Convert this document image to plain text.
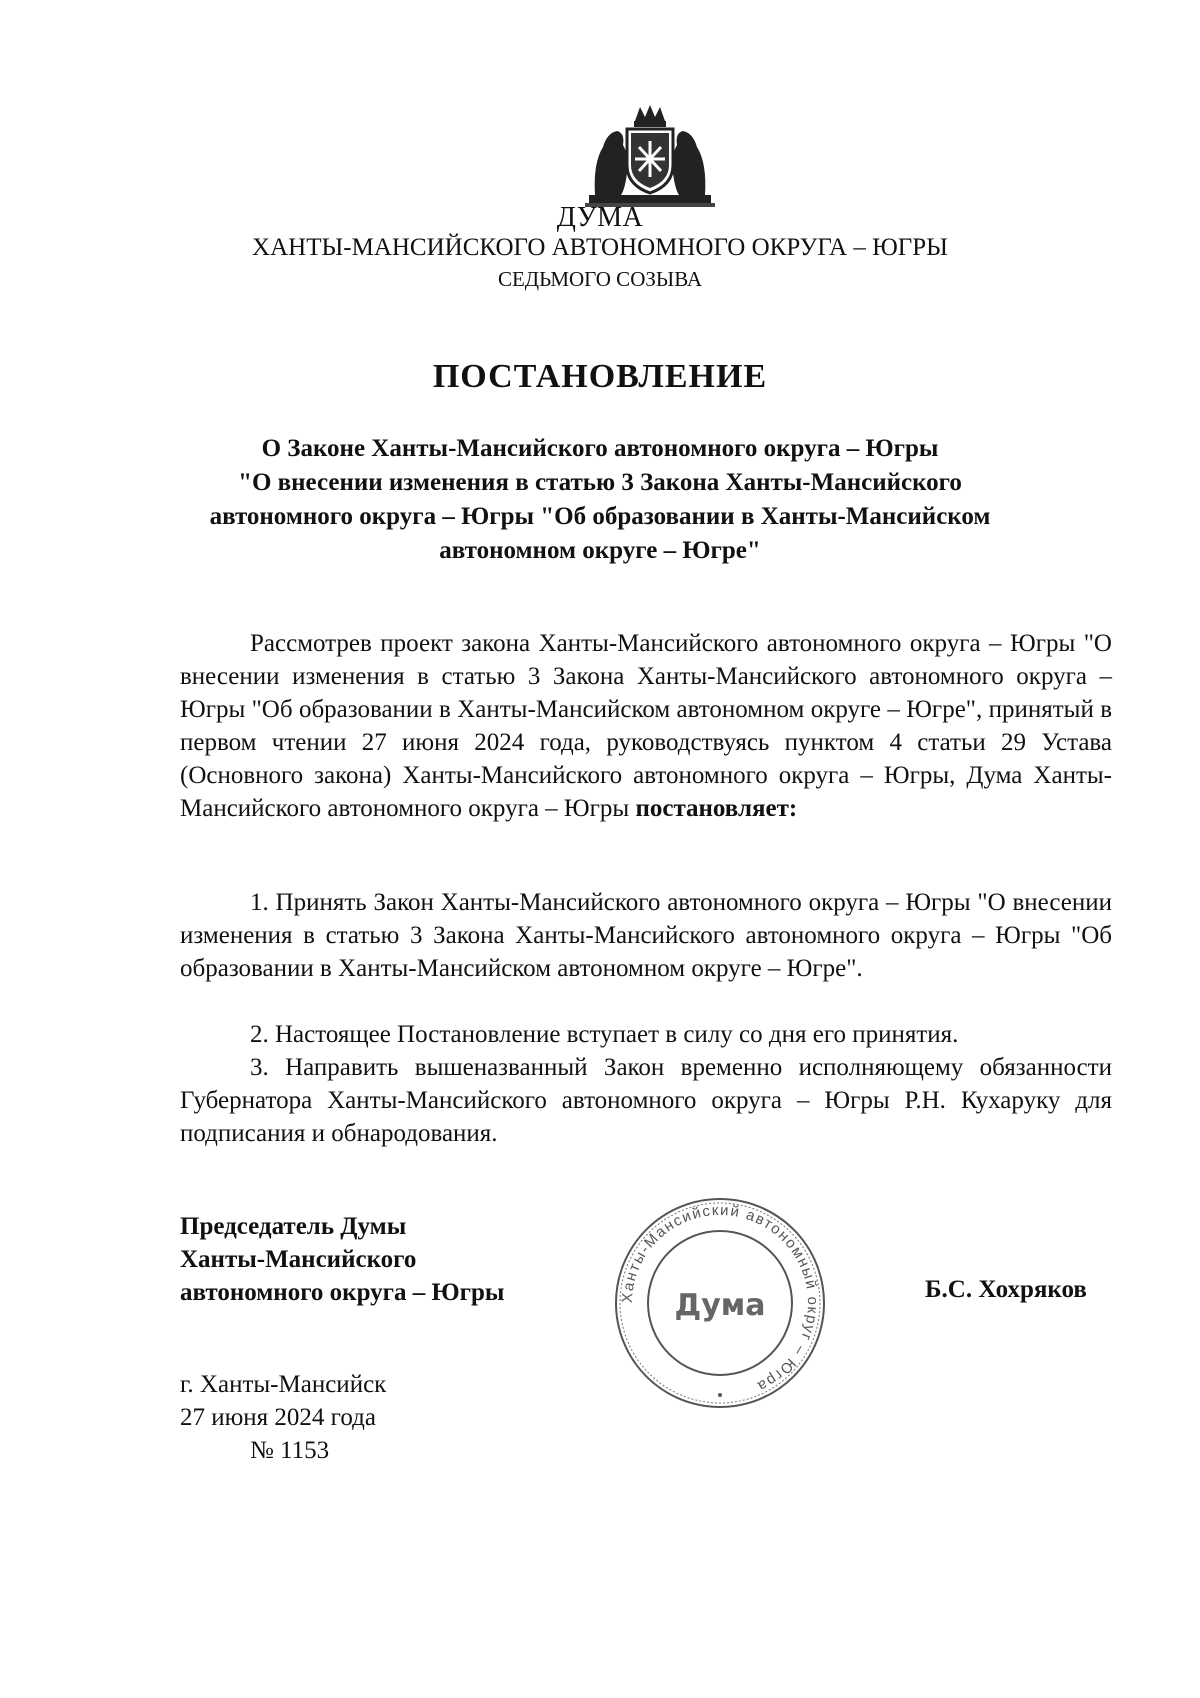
ДУМА
ХАНТЫ-МАНСИЙСКОГО АВТОНОМНОГО ОКРУГА – ЮГРЫ
СЕДЬМОГО СОЗЫВА
ПОСТАНОВЛЕНИЕ

О Законе Ханты-Мансийского автономного округа – Югры
"О внесении изменения в статью 3 Закона Ханты-Мансийского
автономного округа – Югры "Об образовании в Ханты-Мансийском
автономном округе – Югре"

Рассмотрев проект закона Ханты-Мансийского автономного округа – Югры "О внесении изменения в статью 3 Закона Ханты-Мансийского автономного округа – Югры "Об образовании в Ханты-Мансийском автономном округе – Югре", принятый в первом чтении 27 июня 2024 года, руководствуясь пунктом 4 статьи 29 Устава (Основного закона) Ханты-Мансийского автономного округа – Югры, Дума Ханты-Мансийского автономного округа – Югры постановляет:

1. Принять Закон Ханты-Мансийского автономного округа – Югры "О внесении изменения в статью 3 Закона Ханты-Мансийского автономного округа – Югры "Об образовании в Ханты-Мансийском автономном округе – Югре".

2. Настоящее Постановление вступает в силу со дня его принятия.

3. Направить вышеназванный Закон временно исполняющему обязанности Губернатора Ханты-Мансийского автономного округа – Югры Р.Н. Кухаруку для подписания и обнародования.

Председатель Думы
Ханты-Мансийского
автономного округа – Югры	Ханты-Мансийский автономный округ – Югра
Дума	Б.С. Хохряков
г. Ханты-Мансийск
27 июня 2024 года
№ 1153
